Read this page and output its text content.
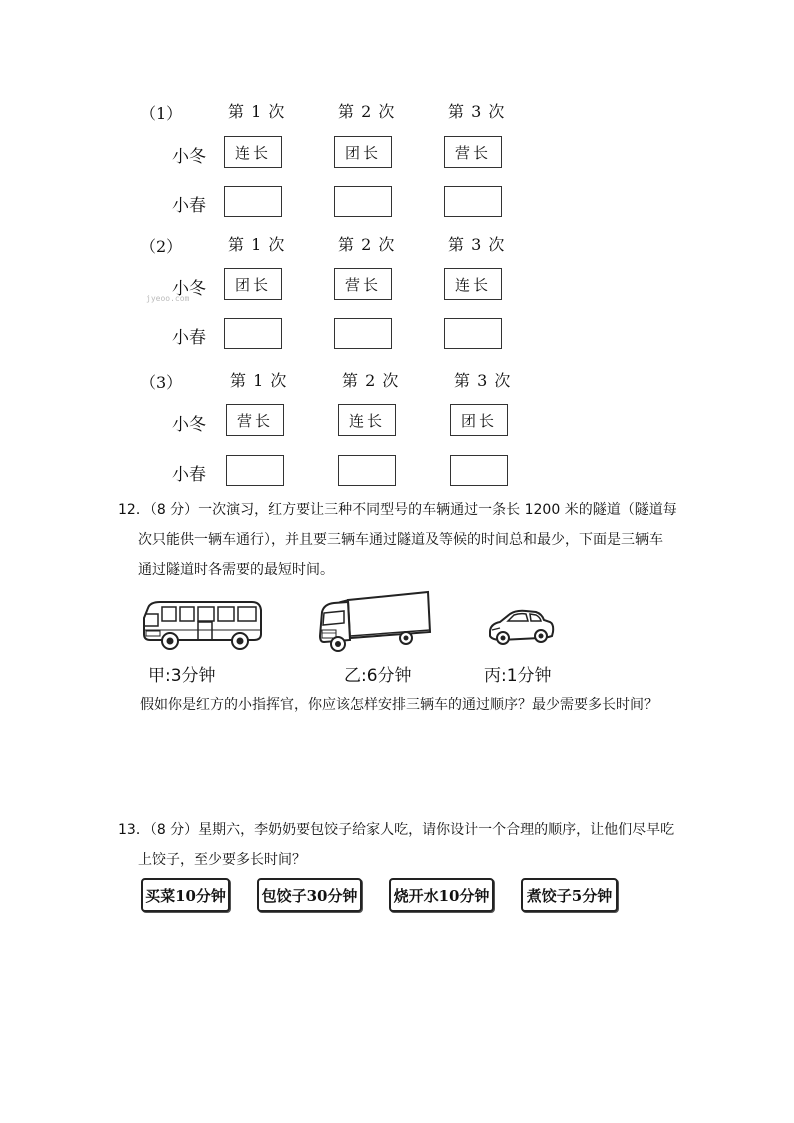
（1）	第 1 次	第 2 次	第 3 次
小冬	连长	团长	营长
小春
（2）	第 1 次	第 2 次	第 3 次
小冬	团长	营长	连长
jyeoo.com
小春
（3）	第 1 次	第 2 次	第 3 次
小冬	营长	连长	团长
小春
12．（8 分）一次演习，红方要让三种不同型号的车辆通过一条长 1200 米的隧道（隧道每
次只能供一辆车通行），并且要三辆车通过隧道及等候的时间总和最少，下面是三辆车
通过隧道时各需要的最短时间。
甲:3分钟	乙:6分钟	丙:1分钟
假如你是红方的小指挥官，你应该怎样安排三辆车的通过顺序？最少需要多长时间？
13．（8 分）星期六，李奶奶要包饺子给家人吃，请你设计一个合理的顺序，让他们尽早吃
上饺子，至少要多长时间？
买菜10分钟	包饺子30分钟	烧开水10分钟	煮饺子5分钟
